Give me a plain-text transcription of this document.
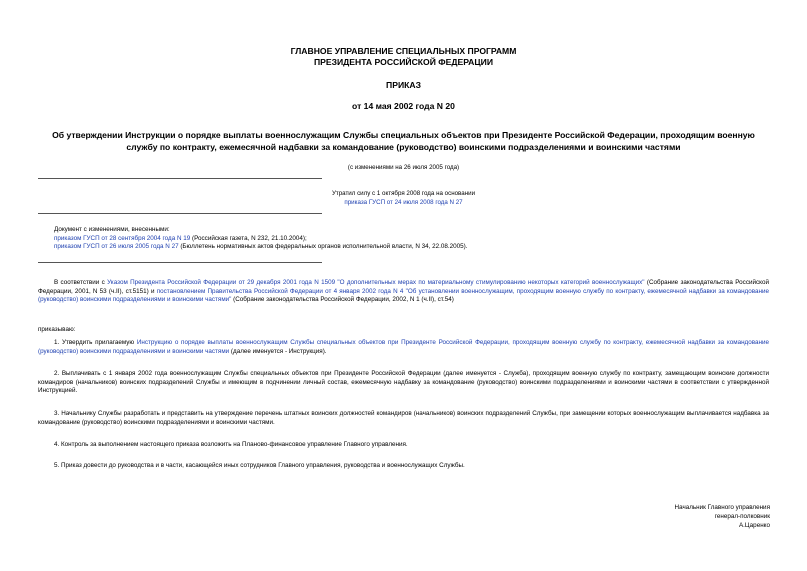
ГЛАВНОЕ УПРАВЛЕНИЕ СПЕЦИАЛЬНЫХ ПРОГРАММ
ПРЕЗИДЕНТА РОССИЙСКОЙ ФЕДЕРАЦИИ
ПРИКАЗ
от 14 мая 2002 года N 20
Об утверждении Инструкции о порядке выплаты военнослужащим Службы специальных объектов при Президенте Российской Федерации, проходящим военную службу по контракту, ежемесячной надбавки за командование (руководство) воинскими подразделениями и воинскими частями
(с изменениями на 26 июля 2005 года)
Утратил силу с 1 октября 2008 года на основании
приказа ГУСП от 24 июля 2008 года N 27

Документ с изменениями, внесенными:

приказом ГУСП от 28 сентября 2004 года N 19 (Российская газета, N 232, 21.10.2004);

приказом ГУСП от 26 июля 2005 года N 27 (Бюллетень нормативных актов федеральных органов исполнительной власти, N 34, 22.08.2005).

В соответствии с Указом Президента Российской Федерации от 29 декабря 2001 года N 1509 "О дополнительных мерах по материальному стимулированию некоторых категорий военнослужащих" (Собрание законодательства Российской Федерации, 2001, N 53 (ч.II), ст.5151) и постановлением Правительства Российской Федерации от 4 января 2002 года N 4 "Об установлении военнослужащим, проходящим военную службу по контракту, ежемесячной надбавки за командование (руководство) воинскими подразделениями и воинскими частями" (Собрание законодательства Российской Федерации, 2002, N 1 (ч.II), ст.54)
приказываю:
1. Утвердить прилагаемую Инструкцию о порядке выплаты военнослужащим Службы специальных объектов при Президенте Российской Федерации, проходящим военную службу по контракту, ежемесячной надбавки за командование (руководство) воинскими подразделениями и воинскими частями (далее именуется - Инструкция).
2. Выплачивать с 1 января 2002 года военнослужащим Службы специальных объектов при Президенте Российской Федерации (далее именуется - Служба), проходящим военную службу по контракту, замещающим воинские должности командиров (начальников) воинских подразделений Службы и имеющим в подчинении личный состав, ежемесячную надбавку за командование (руководство) воинскими подразделениями и воинскими частями в соответствии с утвержденной Инструкцией.
3. Начальнику Службы разработать и представить на утверждение перечень штатных воинских должностей командиров (начальников) воинских подразделений Службы, при замещении которых военнослужащим выплачивается надбавка за командование (руководство) воинскими подразделениями и воинскими частями.
4. Контроль за выполнением настоящего приказа возложить на Планово-финансовое управление Главного управления.
5. Приказ довести до руководства и в части, касающейся иных сотрудников Главного управления, руководства и военнослужащих Службы.
Начальник Главного управления
генерал-полковник
А.Царенко
